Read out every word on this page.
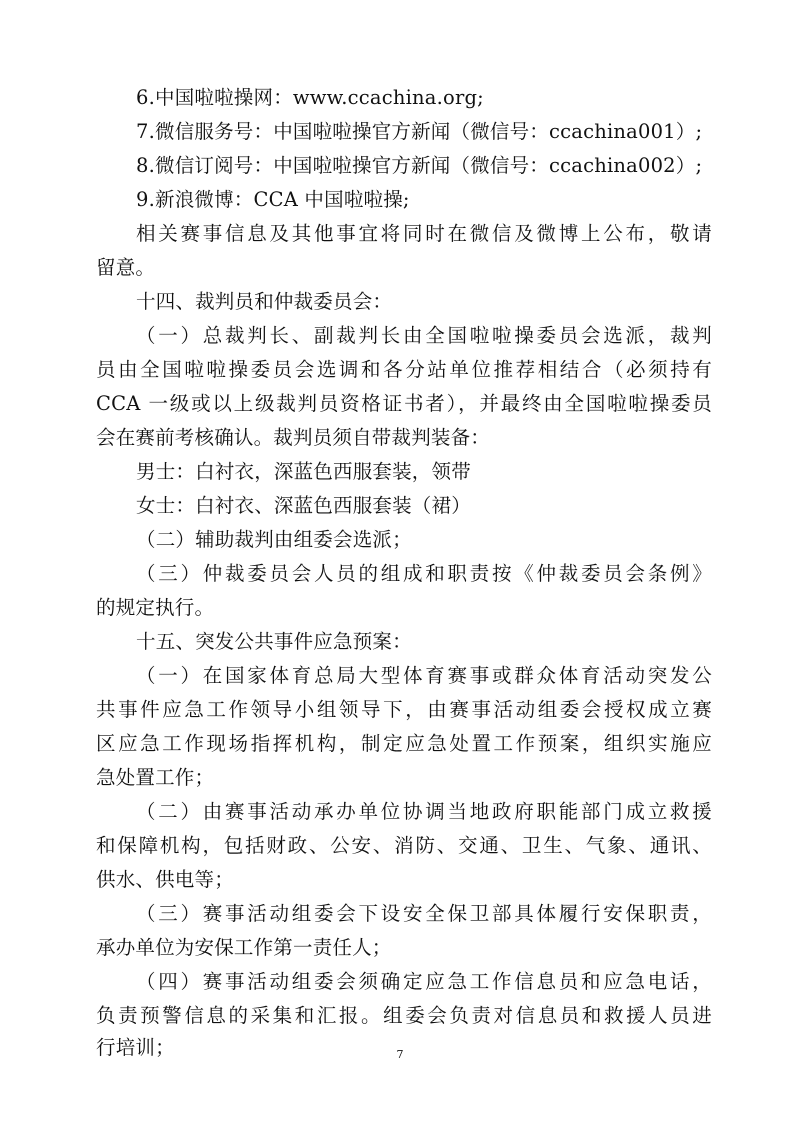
6.中国啦啦操网：www.ccachina.org;
7.微信服务号：中国啦啦操官方新闻（微信号：ccachina001）;
8.微信订阅号：中国啦啦操官方新闻（微信号：ccachina002）;
9.新浪微博：CCA 中国啦啦操;
相关赛事信息及其他事宜将同时在微信及微博上公布，敬请
留意。
十四、裁判员和仲裁委员会：
（一）总裁判长、副裁判长由全国啦啦操委员会选派，裁判
员由全国啦啦操委员会选调和各分站单位推荐相结合（必须持有
CCA 一级或以上级裁判员资格证书者），并最终由全国啦啦操委员
会在赛前考核确认。裁判员须自带裁判装备：
男士：白衬衣，深蓝色西服套装，领带
女士：白衬衣、深蓝色西服套装（裙）
（二）辅助裁判由组委会选派；
（三）仲裁委员会人员的组成和职责按《仲裁委员会条例》
的规定执行。
十五、突发公共事件应急预案：
（一）在国家体育总局大型体育赛事或群众体育活动突发公
共事件应急工作领导小组领导下，由赛事活动组委会授权成立赛
区应急工作现场指挥机构，制定应急处置工作预案，组织实施应
急处置工作；
（二）由赛事活动承办单位协调当地政府职能部门成立救援
和保障机构，包括财政、公安、消防、交通、卫生、气象、通讯、
供水、供电等；
（三）赛事活动组委会下设安全保卫部具体履行安保职责，
承办单位为安保工作第一责任人；
（四）赛事活动组委会须确定应急工作信息员和应急电话，
负责预警信息的采集和汇报。组委会负责对信息员和救援人员进
行培训；	7
